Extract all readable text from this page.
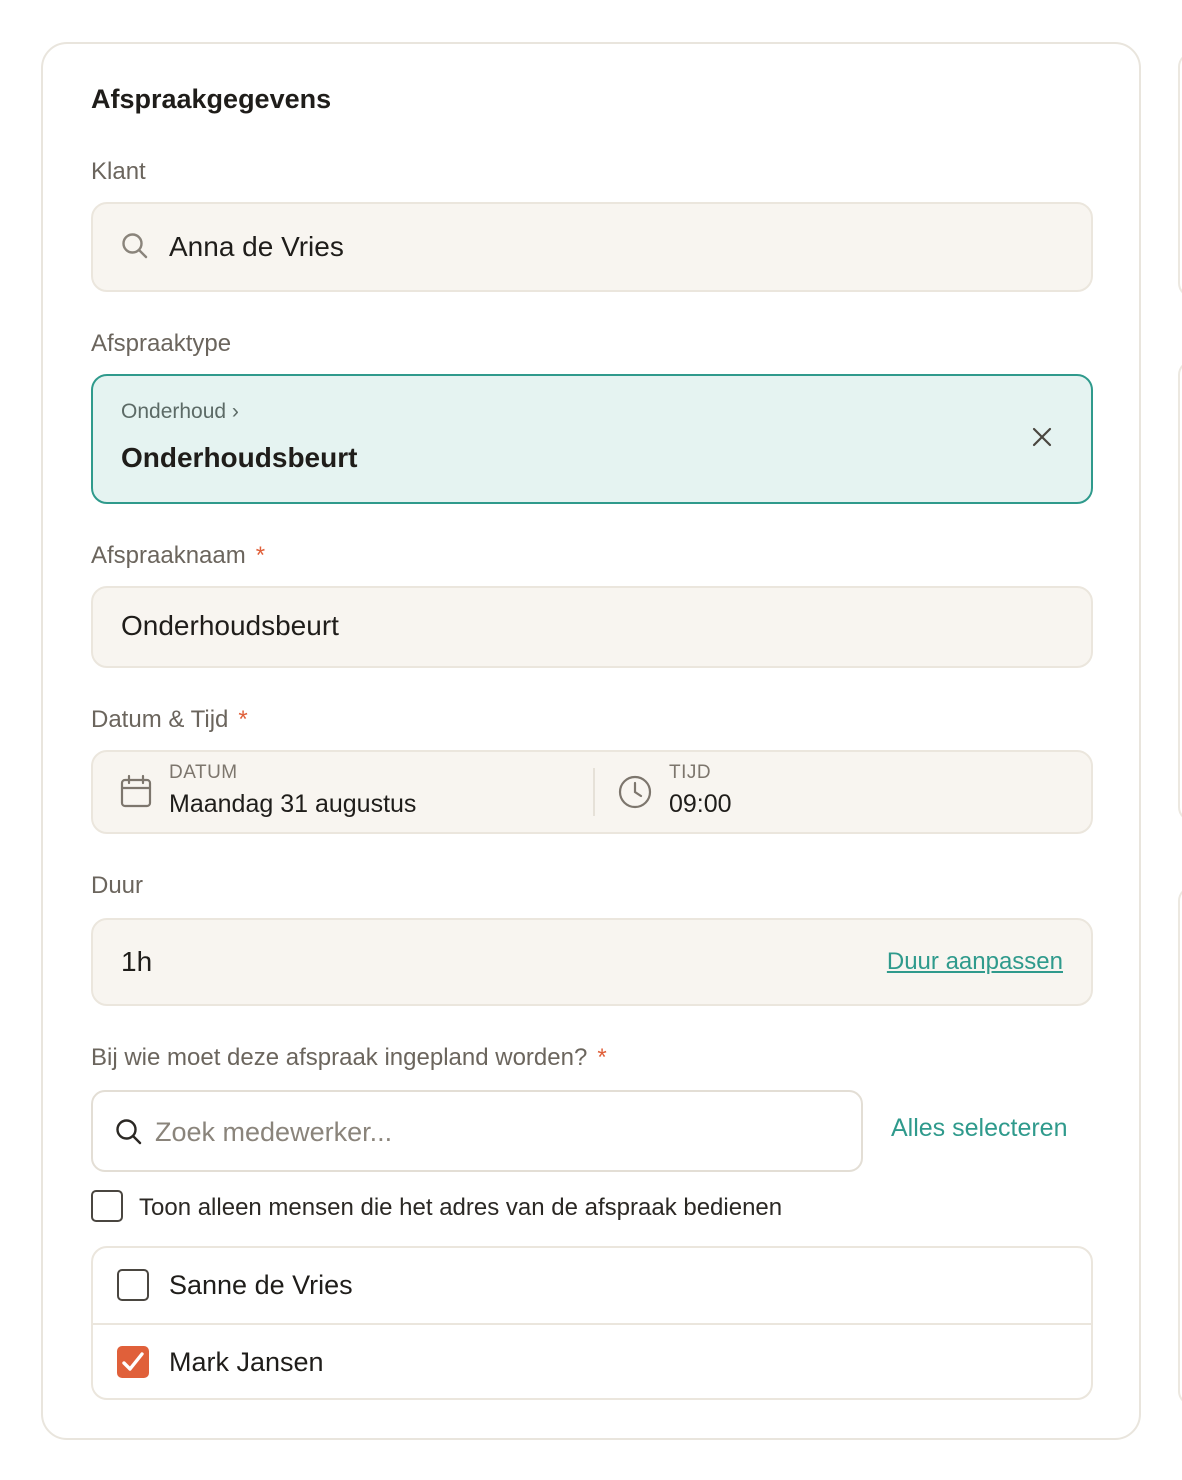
Afspraakgegevens
Klant
Anna de Vries
Afspraaktype
Onderhoud ›
Onderhoudsbeurt
Afspraaknaam *
Onderhoudsbeurt
Datum & Tijd *
DATUM
Maandag 31 augustus
TIJD
09:00
Duur
1h	Duur aanpassen
Bij wie moet deze afspraak ingepland worden? *
Zoek medewerker...
Alles selecteren
Toon alleen mensen die het adres van de afspraak bedienen
Sanne de Vries
Mark Jansen
